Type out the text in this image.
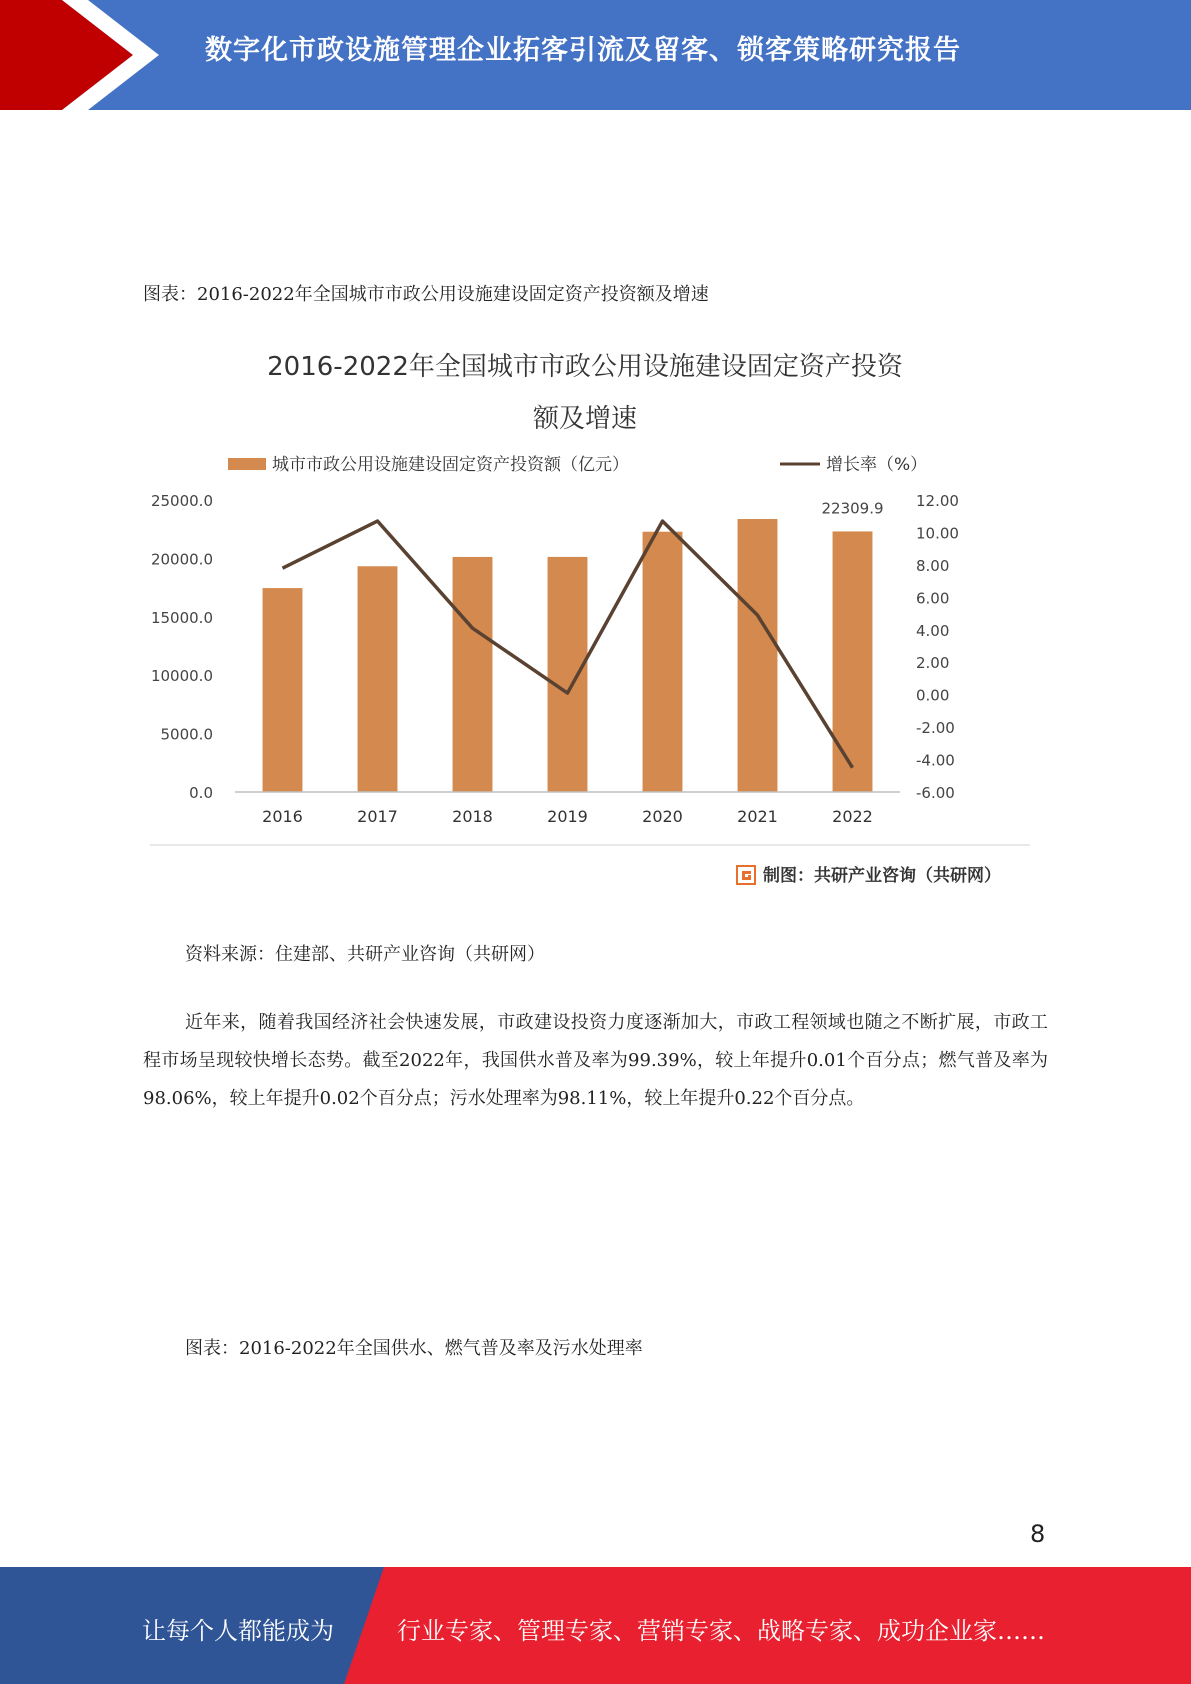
数字化市政设施管理企业拓客引流及留客、锁客策略研究报告
图表：2016-2022年全国城市市政公用设施建设固定资产投资额及增速
2016-2022年全国城市市政公用设施建设固定资产投资
额及增速
城市市政公用设施建设固定资产投资额（亿元）	增长率（%）
0.0
5000.0
10000.0
15000.0
20000.0
25000.0
-6.00
-4.00
-2.00
0.00
2.00
4.00
6.00
8.00
10.00
12.00
2016	2017	2018	2019	2020	2021	2022
22309.9
制图：共研产业咨询（共研网）
资料来源：住建部、共研产业咨询（共研网）

近年来，随着我国经济社会快速发展，市政建设投资力度逐渐加大，市政工程领域也随之不断扩展，市政工程市场呈现较快增长态势。截至2022年，我国供水普及率为99.39%，较上年提升0.01个百分点；燃气普及率为98.06%，较上年提升0.02个百分点；污水处理率为98.11%，较上年提升0.22个百分点。

图表：2016-2022年全国供水、燃气普及率及污水处理率
8
让每个人都能成为	行业专家、管理专家、营销专家、战略专家、成功企业家……
